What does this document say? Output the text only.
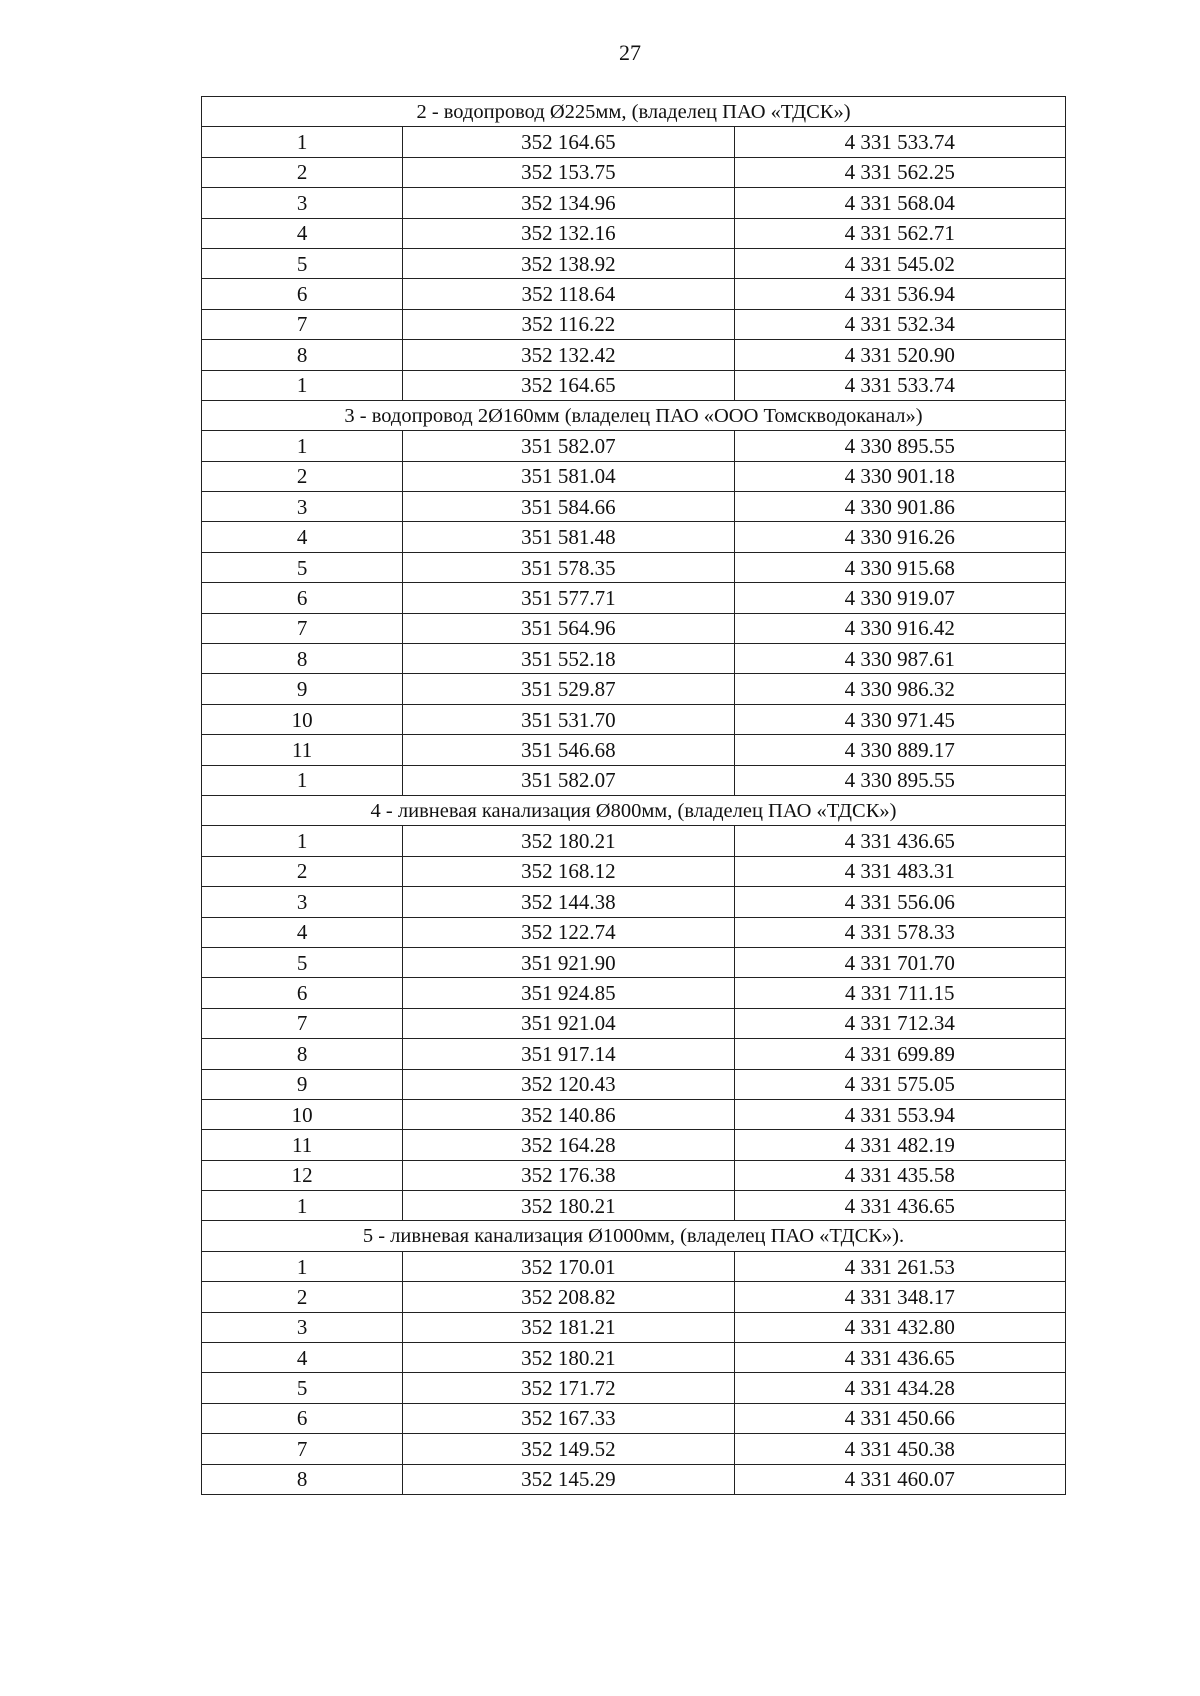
27
2 - водопровод Ø225мм, (владелец ПАО «ТДСК»)		
1	352 164.65	4 331 533.74
2	352 153.75	4 331 562.25
3	352 134.96	4 331 568.04
4	352 132.16	4 331 562.71
5	352 138.92	4 331 545.02
6	352 118.64	4 331 536.94
7	352 116.22	4 331 532.34
8	352 132.42	4 331 520.90
1	352 164.65	4 331 533.74
3 - водопровод 2Ø160мм (владелец ПАО «ООО Томскводоканал»)		
1	351 582.07	4 330 895.55
2	351 581.04	4 330 901.18
3	351 584.66	4 330 901.86
4	351 581.48	4 330 916.26
5	351 578.35	4 330 915.68
6	351 577.71	4 330 919.07
7	351 564.96	4 330 916.42
8	351 552.18	4 330 987.61
9	351 529.87	4 330 986.32
10	351 531.70	4 330 971.45
11	351 546.68	4 330 889.17
1	351 582.07	4 330 895.55
4 - ливневая канализация Ø800мм, (владелец ПАО «ТДСК»)		
1	352 180.21	4 331 436.65
2	352 168.12	4 331 483.31
3	352 144.38	4 331 556.06
4	352 122.74	4 331 578.33
5	351 921.90	4 331 701.70
6	351 924.85	4 331 711.15
7	351 921.04	4 331 712.34
8	351 917.14	4 331 699.89
9	352 120.43	4 331 575.05
10	352 140.86	4 331 553.94
11	352 164.28	4 331 482.19
12	352 176.38	4 331 435.58
1	352 180.21	4 331 436.65
5 - ливневая канализация Ø1000мм, (владелец ПАО «ТДСК»).		
1	352 170.01	4 331 261.53
2	352 208.82	4 331 348.17
3	352 181.21	4 331 432.80
4	352 180.21	4 331 436.65
5	352 171.72	4 331 434.28
6	352 167.33	4 331 450.66
7	352 149.52	4 331 450.38
8	352 145.29	4 331 460.07
